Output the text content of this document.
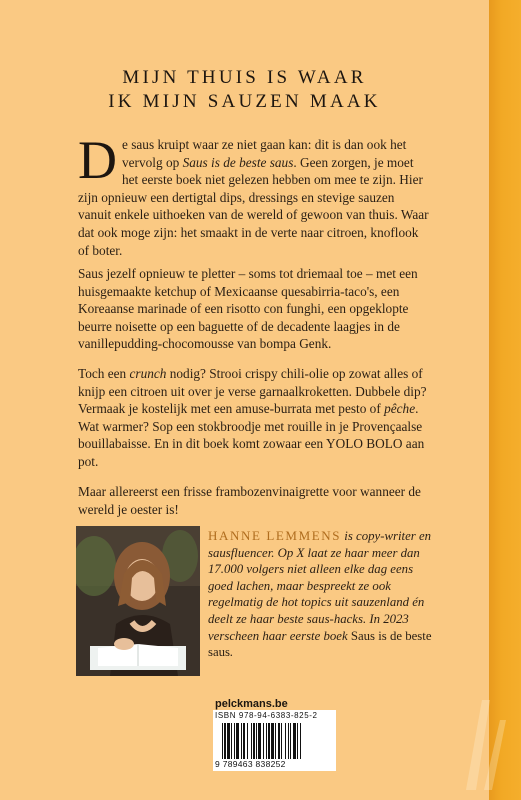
MIJN THUIS IS WAAR
IK MIJN SAUZEN MAAK
De saus kruipt waar ze niet gaan kan: dit is dan ook het vervolg op Saus is de beste saus. Geen zorgen, je moet het eerste boek niet gelezen hebben om mee te zijn. Hier zijn opnieuw een dertigtal dips, dressings en stevige sauzen vanuit enkele uithoeken van de wereld of gewoon van thuis. Waar dat ook moge zijn: het smaakt in de verte naar citroen, knoflook of boter.
Saus jezelf opnieuw te pletter – soms tot driemaal toe – met een huisgemaakte ketchup of Mexicaanse quesabirria-taco's, een Koreaanse marinade of een risotto con funghi, een opgeklopte beurre noisette op een baguette of de decadente laagjes in de vanillepudding-chocomousse van bompa Genk.
Toch een crunch nodig? Strooi crispy chili-olie op zowat alles of knijp een citroen uit over je verse garnaalkroketten. Dubbele dip? Vermaak je kostelijk met een amuse-burrata met pesto of pêche. Wat warmer? Sop een stokbroodje met rouille in je Provençaalse bouillabaisse. En in dit boek komt zowaar een YOLO BOLO aan pot.
Maar allereerst een frisse frambozenvinaigrette voor wanneer de wereld je oester is!
HANNE LEMMENS is copy-writer en sausfluencer. Op X laat ze haar meer dan 17.000 volgers niet alleen elke dag eens goed lachen, maar bespreekt ze ook regelmatig de hot topics uit sauzenland én deelt ze haar beste saus-hacks. In 2023 verscheen haar eerste boek Saus is de beste saus.
pelckmans.be
ISBN 978-94-6383-825-2
9 789463 838252
